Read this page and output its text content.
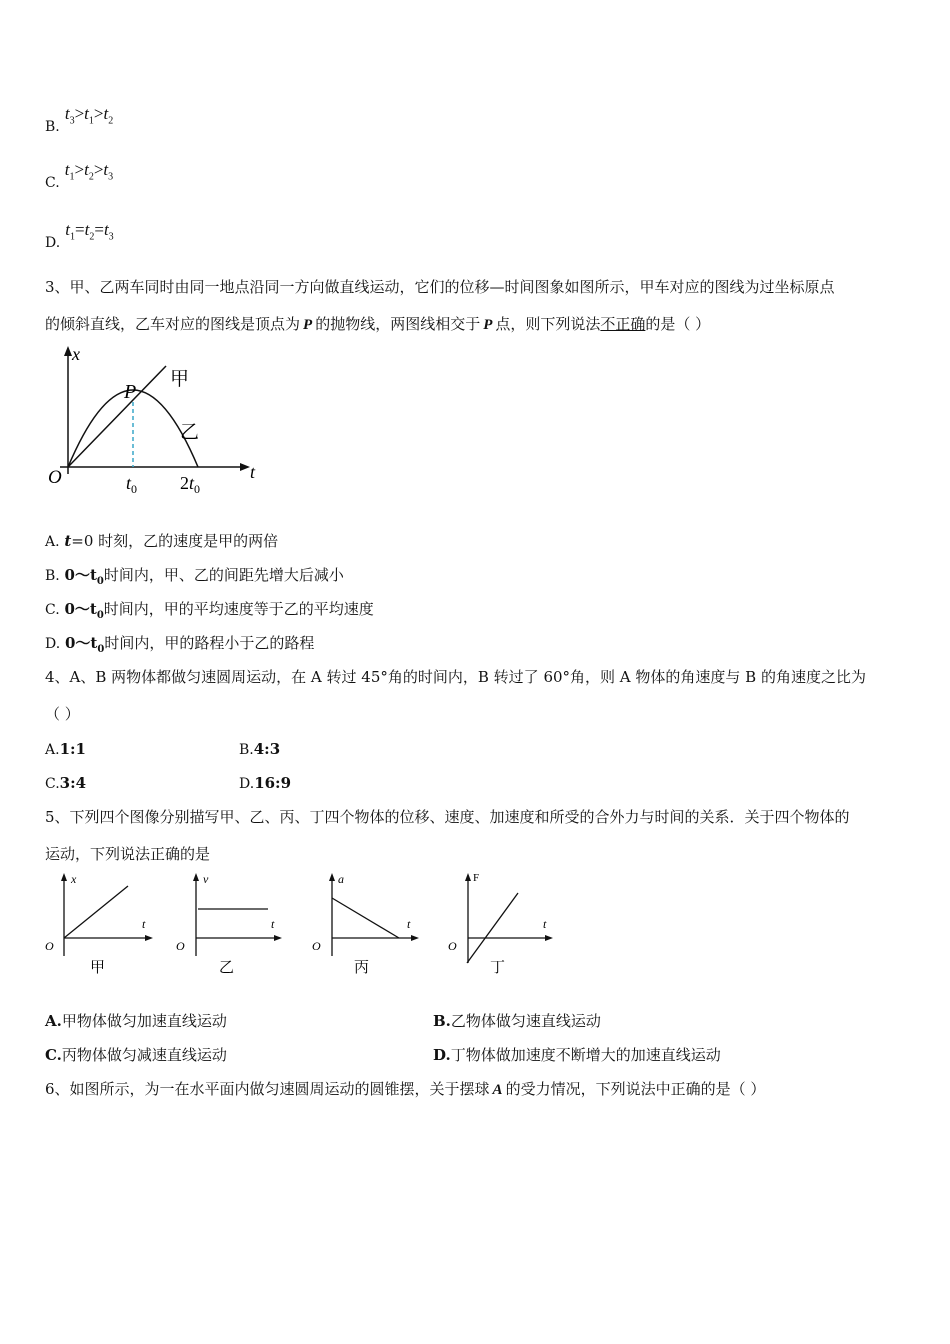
B. $t_3>t_1>t_2$
C. $t_1>t_2>t_3$
D. $t_1=t_2=t_3$
3、甲、乙两车同时由同一地点沿同一方向做直线运动，它们的位移—时间图象如图所示，甲车对应的图线为过坐标原点
的倾斜直线，乙车对应的图线是顶点为 P 的抛物线，两图线相交于 P 点，则下列说法不正确的是（ ）
x
t
O
P
甲
乙
$t_0$ $2t_0$
A. t=0 时刻，乙的速度是甲的两倍
B. $0\sim t_0$时间内，甲、乙的间距先增大后减小
C. $0\sim t_0$时间内，甲的平均速度等于乙的平均速度
D. $0\sim t_0$时间内，甲的路程小于乙的路程
4、A、B 两物体都做匀速圆周运动，在 A 转过 45°角的时间内，B 转过了 60°角，则 A 物体的角速度与 B 的角速度之比为
（ ）
A.1:1	B.4:3
C.3:4	D.16:9
5、下列四个图像分别描写甲、乙、丙、丁四个物体的位移、速度、加速度和所受的合外力与时间的关系．关于四个物体的
运动，下列说法正确的是
x
t
O
甲
v
t
O
乙
a
t
O
丙
F
t
O
丁
A.甲物体做匀加速直线运动	B.乙物体做匀速直线运动
C.丙物体做匀减速直线运动	D.丁物体做加速度不断增大的加速直线运动
6、如图所示，为一在水平面内做匀速圆周运动的圆锥摆，关于摆球 A 的受力情况，下列说法中正确的是（ ）
